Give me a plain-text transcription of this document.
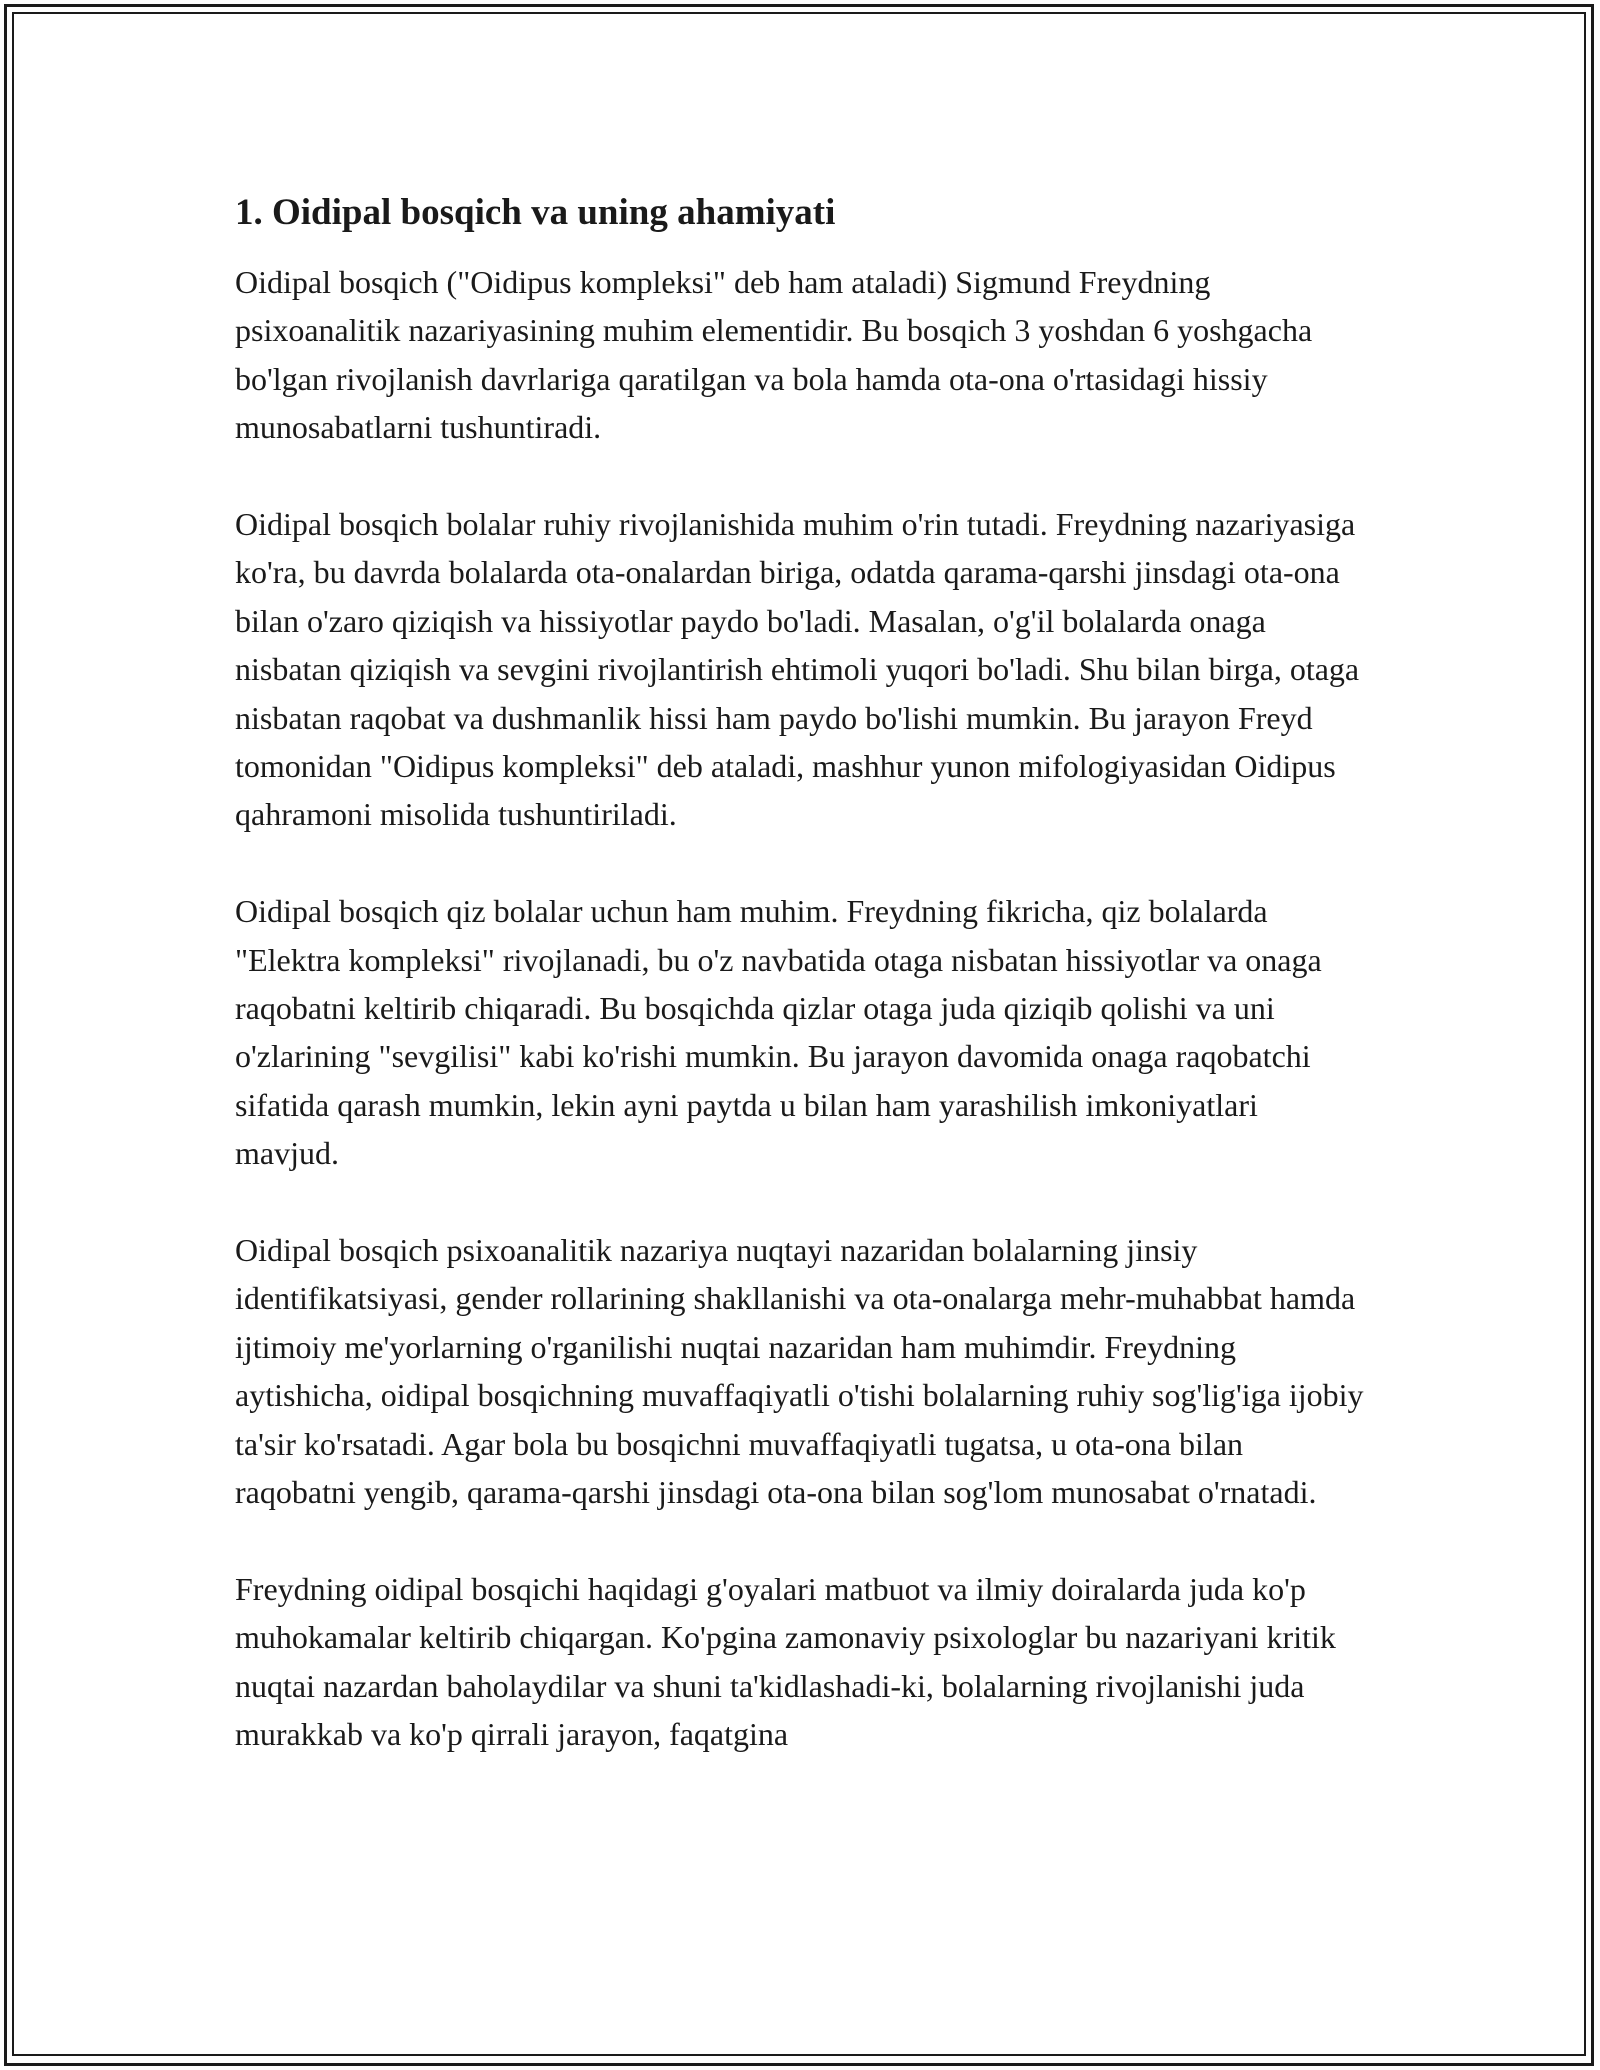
1. Oidipal bosqich va uning ahamiyati

Oidipal bosqich ("Oidipus kompleksi" deb ham ataladi) Sigmund Freydning psixoanalitik nazariyasining muhim elementidir. Bu bosqich 3 yoshdan 6 yoshgacha bo'lgan rivojlanish davrlariga qaratilgan va bola hamda ota-ona o'rtasidagi hissiy munosabatlarni tushuntiradi.

Oidipal bosqich bolalar ruhiy rivojlanishida muhim o'rin tutadi. Freydning nazariyasiga ko'ra, bu davrda bolalarda ota-onalardan biriga, odatda qarama-qarshi jinsdagi ota-ona bilan o'zaro qiziqish va hissiyotlar paydo bo'ladi. Masalan, o'g'il bolalarda onaga nisbatan qiziqish va sevgini rivojlantirish ehtimoli yuqori bo'ladi. Shu bilan birga, otaga nisbatan raqobat va dushmanlik hissi ham paydo bo'lishi mumkin. Bu jarayon Freyd tomonidan "Oidipus kompleksi" deb ataladi, mashhur yunon mifologiyasidan Oidipus qahramoni misolida tushuntiriladi.

Oidipal bosqich qiz bolalar uchun ham muhim. Freydning fikricha, qiz bolalarda "Elektra kompleksi" rivojlanadi, bu o'z navbatida otaga nisbatan hissiyotlar va onaga raqobatni keltirib chiqaradi. Bu bosqichda qizlar otaga juda qiziqib qolishi va uni o'zlarining "sevgilisi" kabi ko'rishi mumkin. Bu jarayon davomida onaga raqobatchi sifatida qarash mumkin, lekin ayni paytda u bilan ham yarashilish imkoniyatlari mavjud.

Oidipal bosqich psixoanalitik nazariya nuqtayi nazaridan bolalarning jinsiy identifikatsiyasi, gender rollarining shakllanishi va ota-onalarga mehr-muhabbat hamda ijtimoiy me'yorlarning o'rganilishi nuqtai nazaridan ham muhimdir. Freydning aytishicha, oidipal bosqichning muvaffaqiyatli o'tishi bolalarning ruhiy sog'lig'iga ijobiy ta'sir ko'rsatadi. Agar bola bu bosqichni muvaffaqiyatli tugatsa, u ota-ona bilan raqobatni yengib, qarama-qarshi jinsdagi ota-ona bilan sog'lom munosabat o'rnatadi.

Freydning oidipal bosqichi haqidagi g'oyalari matbuot va ilmiy doiralarda juda ko'p muhokamalar keltirib chiqargan. Ko'pgina zamonaviy psixologlar bu nazariyani kritik nuqtai nazardan baholaydilar va shuni ta'kidlashadi-ki, bolalarning rivojlanishi juda murakkab va ko'p qirrali jarayon, faqatgina
